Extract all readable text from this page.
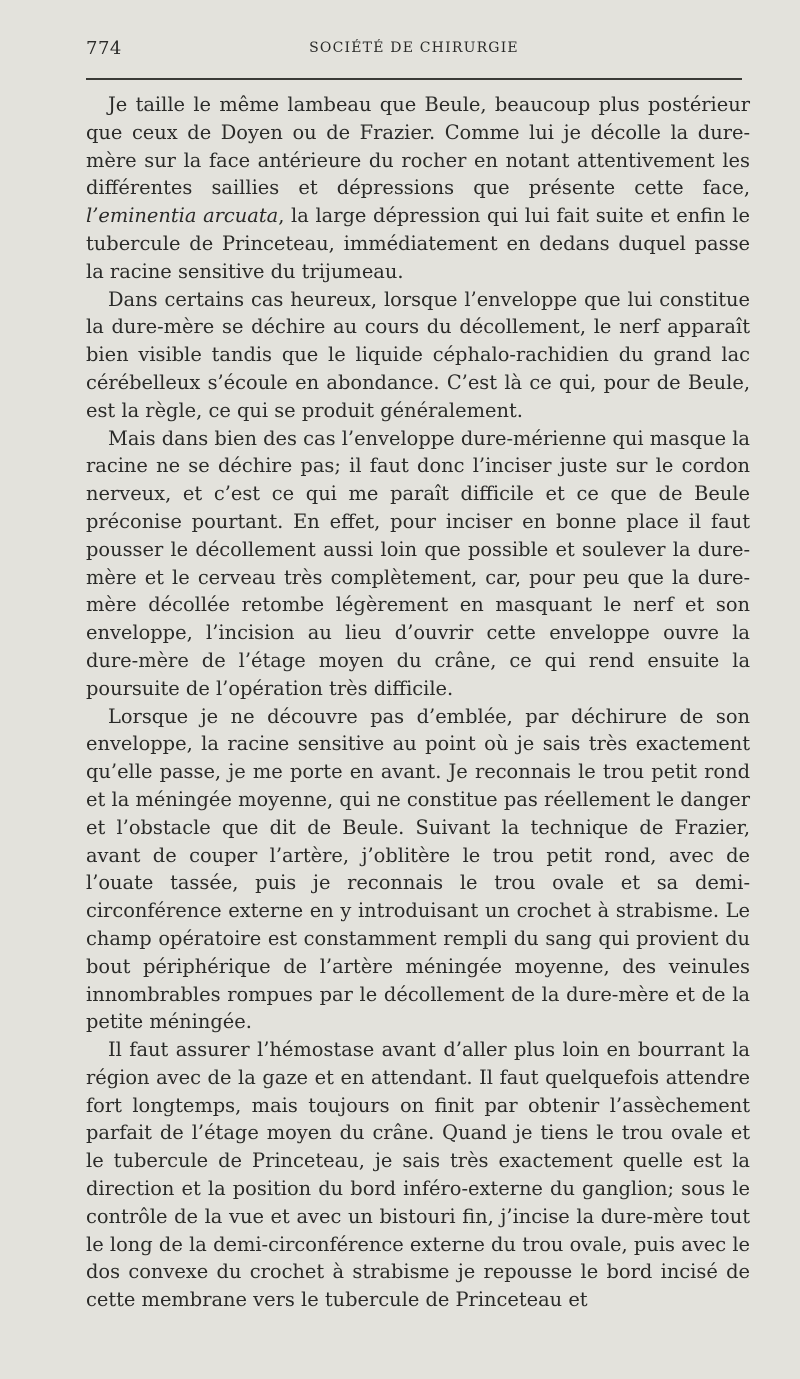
774	SOCIÉTÉ DE CHIRURGIE

Je taille le même lambeau que Beule, beaucoup plus postérieur que ceux de Doyen ou de Frazier. Comme lui je décolle la dure-mère sur la face antérieure du rocher en notant attentivement les différentes saillies et dépressions que présente cette face, l’eminentia arcuata, la large dépression qui lui fait suite et enfin le tubercule de Princeteau, immédiatement en dedans duquel passe la racine sensitive du trijumeau.

Dans certains cas heureux, lorsque l’enveloppe que lui constitue la dure-mère se déchire au cours du décollement, le nerf apparaît bien visible tandis que le liquide céphalo-rachidien du grand lac cérébelleux s’écoule en abondance. C’est là ce qui, pour de Beule, est la règle, ce qui se produit généralement.

Mais dans bien des cas l’enveloppe dure-mérienne qui masque la racine ne se déchire pas; il faut donc l’inciser juste sur le cordon nerveux, et c’est ce qui me paraît difficile et ce que de Beule préconise pourtant. En effet, pour inciser en bonne place il faut pousser le décollement aussi loin que possible et soulever la dure-mère et le cerveau très complètement, car, pour peu que la dure-mère décollée retombe légèrement en masquant le nerf et son enveloppe, l’incision au lieu d’ouvrir cette enveloppe ouvre la dure-mère de l’étage moyen du crâne, ce qui rend ensuite la poursuite de l’opération très difficile.

Lorsque je ne découvre pas d’emblée, par déchirure de son enveloppe, la racine sensitive au point où je sais très exactement qu’elle passe, je me porte en avant. Je reconnais le trou petit rond et la méningée moyenne, qui ne constitue pas réellement le danger et l’obstacle que dit de Beule. Suivant la technique de Frazier, avant de couper l’artère, j’oblitère le trou petit rond, avec de l’ouate tassée, puis je reconnais le trou ovale et sa demi-circonférence externe en y introduisant un crochet à strabisme. Le champ opératoire est constamment rempli du sang qui provient du bout périphérique de l’artère méningée moyenne, des veinules innombrables rompues par le décollement de la dure-mère et de la petite méningée.

Il faut assurer l’hémostase avant d’aller plus loin en bourrant la région avec de la gaze et en attendant. Il faut quelquefois attendre fort longtemps, mais toujours on finit par obtenir l’assèchement parfait de l’étage moyen du crâne. Quand je tiens le trou ovale et le tubercule de Princeteau, je sais très exactement quelle est la direction et la position du bord inféro-externe du ganglion; sous le contrôle de la vue et avec un bistouri fin, j’incise la dure-mère tout le long de la demi-circonférence externe du trou ovale, puis avec le dos convexe du crochet à strabisme je repousse le bord incisé de cette membrane vers le tubercule de Princeteau et
